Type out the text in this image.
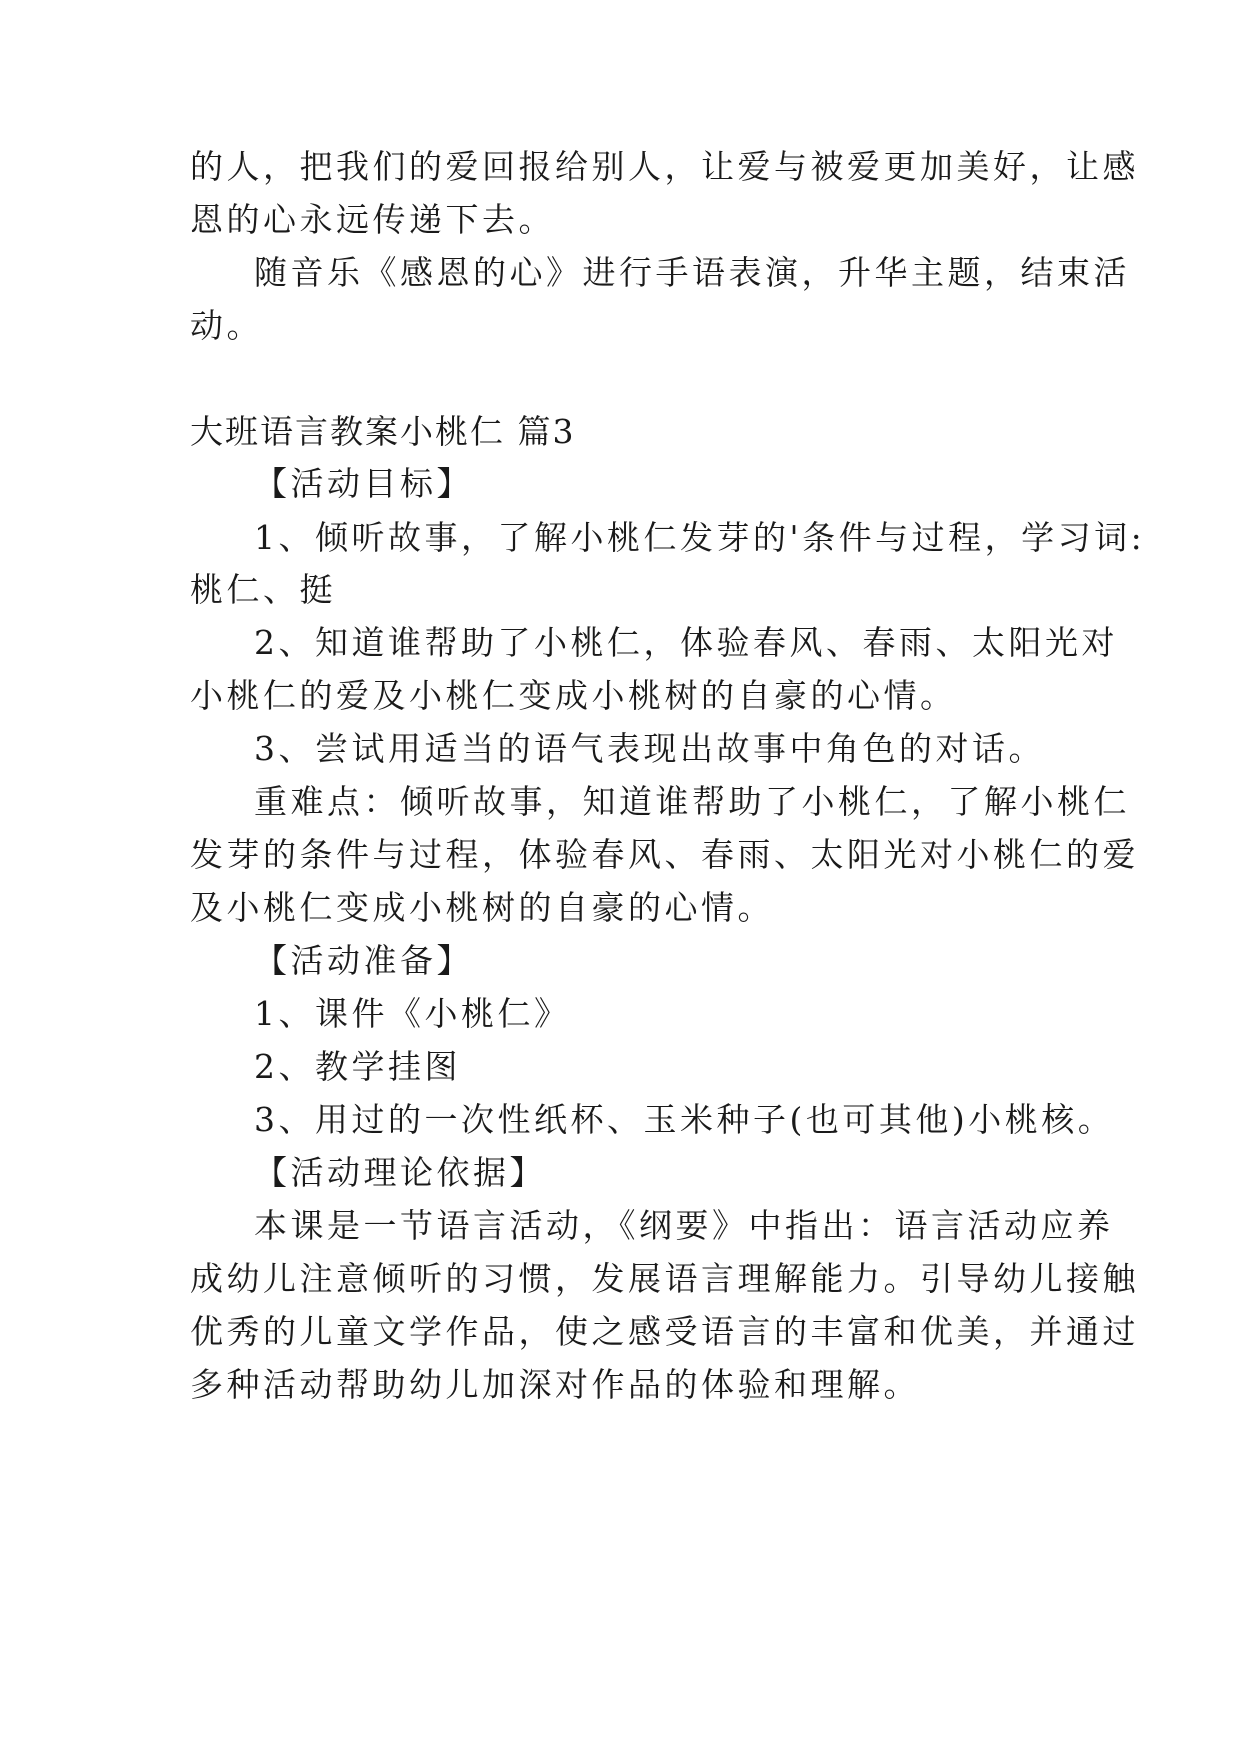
的人，把我们的爱回报给别人，让爱与被爱更加美好，让感
恩的心永远传递下去。
随音乐《感恩的心》进行手语表演，升华主题，结束活
动。
大班语言教案小桃仁 篇3
【活动目标】
1、倾听故事，了解小桃仁发芽的'条件与过程，学习词:
桃仁、挺
2、知道谁帮助了小桃仁，体验春风、春雨、太阳光对
小桃仁的爱及小桃仁变成小桃树的自豪的心情。
3、尝试用适当的语气表现出故事中角色的对话。
重难点：倾听故事，知道谁帮助了小桃仁，了解小桃仁
发芽的条件与过程，体验春风、春雨、太阳光对小桃仁的爱
及小桃仁变成小桃树的自豪的心情。
【活动准备】
1、课件《小桃仁》
2、教学挂图
3、用过的一次性纸杯、玉米种子(也可其他)小桃核。
【活动理论依据】
本课是一节语言活动，《纲要》中指出：语言活动应养
成幼儿注意倾听的习惯，发展语言理解能力。引导幼儿接触
优秀的儿童文学作品，使之感受语言的丰富和优美，并通过
多种活动帮助幼儿加深对作品的体验和理解。
